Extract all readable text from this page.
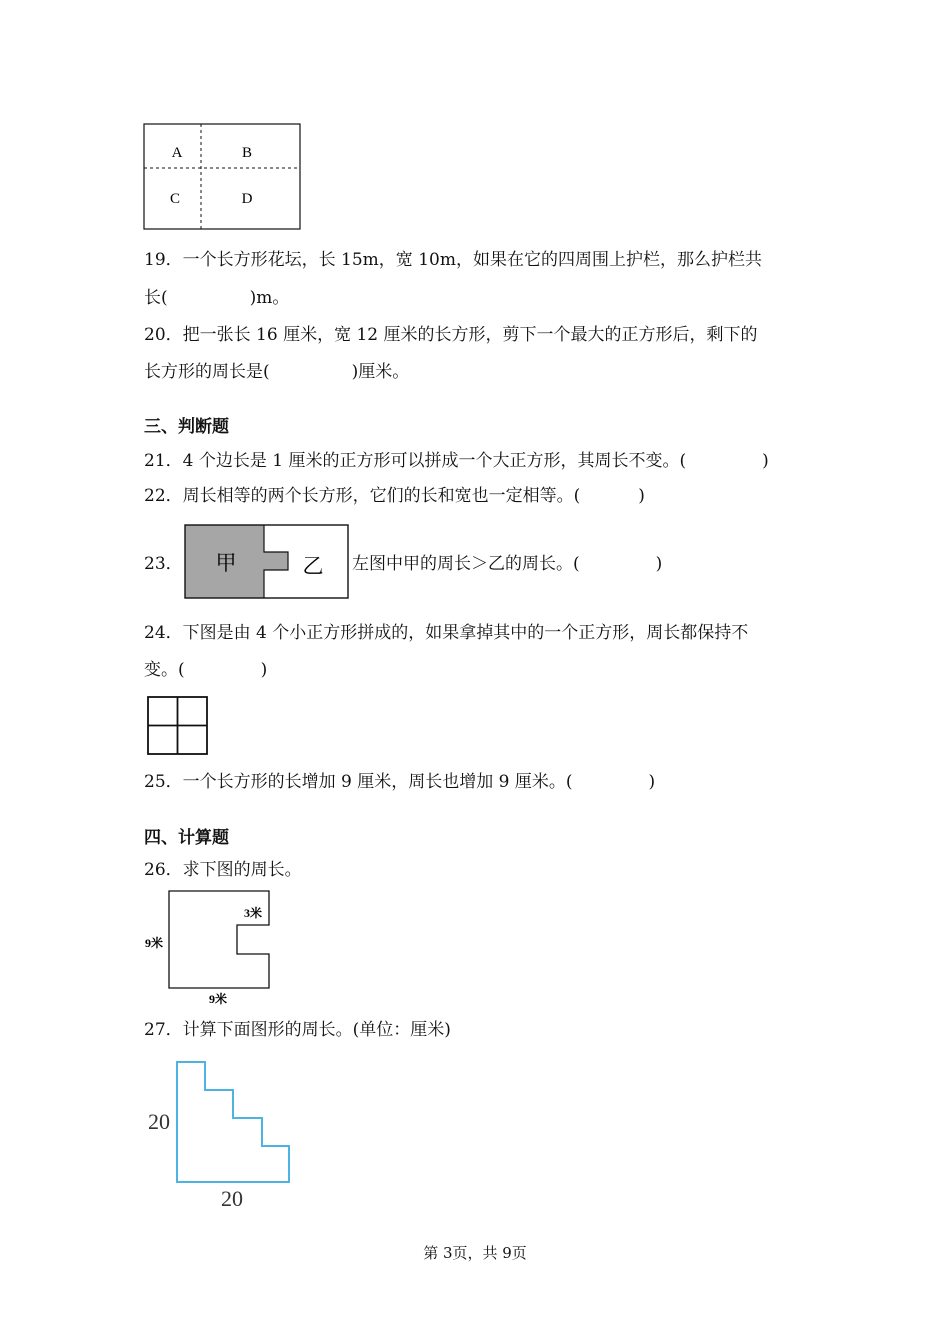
A	B
C	D
19．一个长方形花坛，长 15m，宽 10m，如果在它的四周围上护栏，那么护栏共
长(	)m。
20．把一张长 16 厘米，宽 12 厘米的长方形，剪下一个最大的正方形后，剩下的
长方形的周长是(	)厘米。
三、判断题
21．4 个边长是 1 厘米的正方形可以拼成一个大正方形，其周长不变。(	)
22．周长相等的两个长方形，它们的长和宽也一定相等。(	)
23． 甲	乙 左图中甲的周长＞乙的周长。(	)
24．下图是由 4 个小正方形拼成的，如果拿掉其中的一个正方形，周长都保持不
变。(	)
25．一个长方形的长增加 9 厘米，周长也增加 9 厘米。(	)
四、计算题
26．求下图的周长。
3米
9米
9米
27．计算下面图形的周长。(单位：厘米)
20
20
第 3页，共 9页
